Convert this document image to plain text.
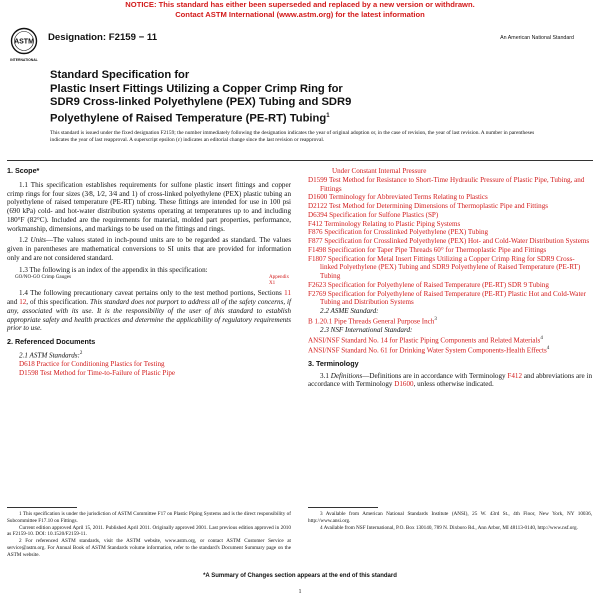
NOTICE: This standard has either been superseded and replaced by a new version or withdrawn.
Contact ASTM International (www.astm.org) for the latest information
ASTM
INTERNATIONAL
Designation: F2159 − 11	An American National Standard
Standard Specification for
Plastic Insert Fittings Utilizing a Copper Crimp Ring for
SDR9 Cross-linked Polyethylene (PEX) Tubing and SDR9
Polyethylene of Raised Temperature (PE-RT) Tubing$^1$
This standard is issued under the fixed designation F2159; the number immediately following the designation indicates the year of original adoption or, in the case of revision, the year of last revision. A number in parentheses indicates the year of last reapproval. A superscript epsilon (ε) indicates an editorial change since the last revision or reapproval.
1. Scope*

1.1 This specification establishes requirements for sulfone plastic insert fittings and copper crimp rings for four sizes (3⁄8, 1⁄2, 3⁄4 and 1) of cross-linked polyethylene (PEX) plastic tubing an polyethylene of raised temperature (PE-RT) tubing. These fittings are intended for use in 100 psi (690 kPa) cold- and hot-water distribution systems operating at temperatures up to and including 180°F (82°C). Included are the requirements for material, molded part properties, performance, workmanship, dimensions, and markings to be used on the fittings and rings.

1.2 Units—The values stated in inch-pound units are to be regarded as standard. The values given in parentheses are mathematical conversions to SI units that are provided for information only and are not considered standard.

1.3 The following is an index of the appendix in this specification:

GO/NO-GO Crimp Gauges	Appendix X1

1.4 The following precautionary caveat pertains only to the test method portions, Sections 11 and 12, of this specification. This standard does not purport to address all of the safety concerns, if any, associated with its use. It is the responsibility of the user of this standard to establish appropriate safety and health practices and determine the applicability of regulatory requirements prior to use.

2. Referenced Documents

2.1 ASTM Standards:$^2$

D618 Practice for Conditioning Plastics for Testing
D1598 Test Method for Time-to-Failure of Plastic Pipe

1 This specification is under the jurisdiction of ASTM Committee F17 on Plastic Piping Systems and is the direct responsibility of Subcommittee F17.10 on Fittings.

Current edition approved April 15, 2011. Published April 2011. Originally approved 2001. Last previous edition approved in 2010 as F2159-10. DOI: 10.1520/F2159-11.

2 For referenced ASTM standards, visit the ASTM website, www.astm.org, or contact ASTM Customer Service at service@astm.org. For Annual Book of ASTM Standards volume information, refer to the standard's Document Summary page on the ASTM website.

Under Constant Internal Pressure
D1599 Test Method for Resistance to Short-Time Hydraulic Pressure of Plastic Pipe, Tubing, and Fittings
D1600 Terminology for Abbreviated Terms Relating to Plastics
D2122 Test Method for Determining Dimensions of Thermoplastic Pipe and Fittings
D6394 Specification for Sulfone Plastics (SP)
F412 Terminology Relating to Plastic Piping Systems
F876 Specification for Crosslinked Polyethylene (PEX) Tubing
F877 Specification for Crosslinked Polyethylene (PEX) Hot- and Cold-Water Distribution Systems
F1498 Specification for Taper Pipe Threads 60° for Thermoplastic Pipe and Fittings
F1807 Specification for Metal Insert Fittings Utilizing a Copper Crimp Ring for SDR9 Cross-linked Polyethylene (PEX) Tubing and SDR9 Polyethylene of Raised Temperature (PE-RT) Tubing
F2623 Specification for Polyethylene of Raised Temperature (PE-RT) SDR 9 Tubing
F2769 Specification for Polyethylene of Raised Temperature (PE-RT) Plastic Hot and Cold-Water Tubing and Distribution Systems

2.2 ASME Standard:

B 1.20.1 Pipe Threads General Purpose Inch$^3$

2.3 NSF International Standard:

ANSI/NSF Standard No. 14 for Plastic Piping Components and Related Materials$^4$
ANSI/NSF Standard No. 61 for Drinking Water System Components-Health Effects$^4$
3. Terminology

3.1 Definitions—Definitions are in accordance with Terminology F412 and abbreviations are in accordance with Terminology D1600, unless otherwise indicated.

3 Available from American National Standards Institute (ANSI), 25 W. 43rd St., 4th Floor, New York, NY 10036, http://www.ansi.org.

4 Available from NSF International, P.O. Box 130140, 789 N. Dixboro Rd., Ann Arbor, MI 48113-0140, http://www.nsf.org.

*A Summary of Changes section appears at the end of this standard
1
